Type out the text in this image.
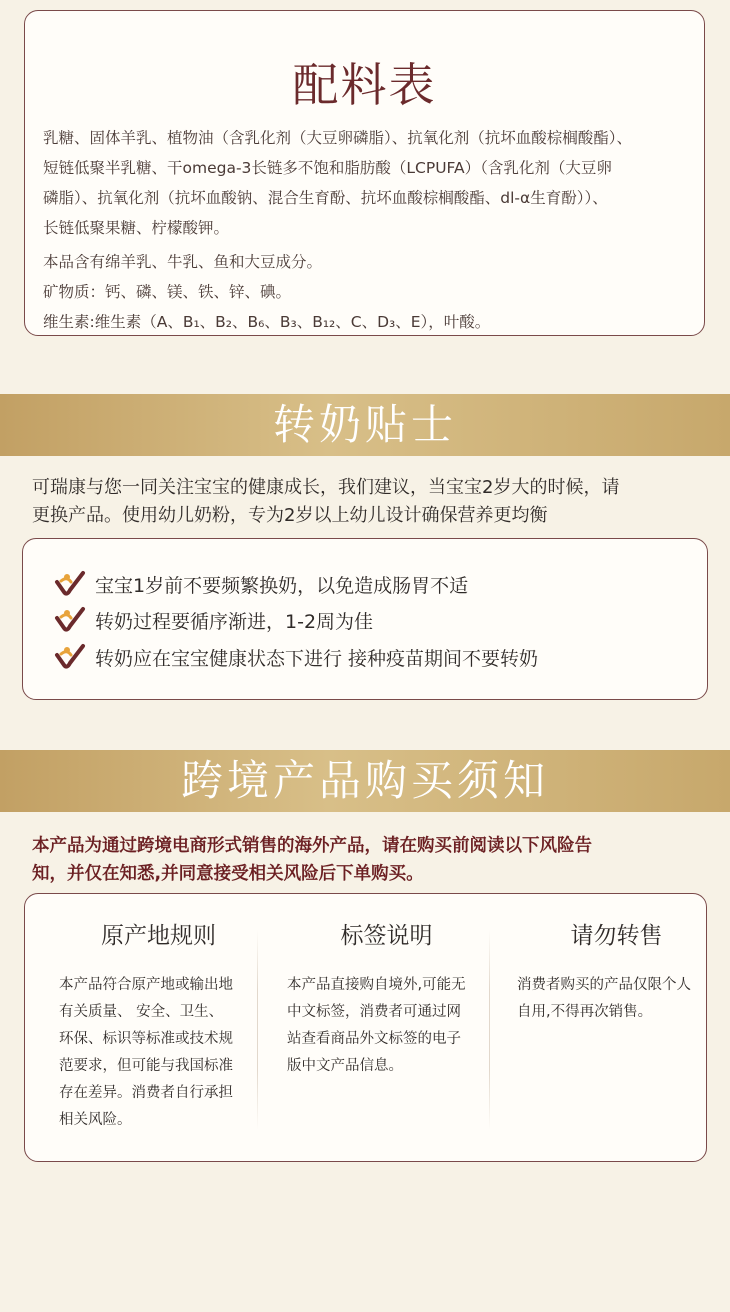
配料表

乳糖、固体羊乳、植物油（含乳化剂（大豆卵磷脂）、抗氧化剂（抗坏血酸棕榈酸酯）、

短链低聚半乳糖、干omega-3长链多不饱和脂肪酸（LCPUFA）（含乳化剂（大豆卵

磷脂）、抗氧化剂（抗坏血酸钠、混合生育酚、抗坏血酸棕榈酸酯、dl-α生育酚））、

长链低聚果糖、柠檬酸钾。

本品含有绵羊乳、牛乳、鱼和大豆成分。

矿物质：钙、磷、镁、铁、锌、碘。

维生素:维生素（A、B₁、B₂、B₆、B₃、B₁₂、C、D₃、E），叶酸。

转奶贴士
可瑞康与您一同关注宝宝的健康成长，我们建议，当宝宝2岁大的时候，请
更换产品。使用幼儿奶粉，专为2岁以上幼儿设计确保营养更均衡
宝宝1岁前不要频繁换奶，以免造成肠胃不适
转奶过程要循序渐进，1-2周为佳
转奶应在宝宝健康状态下进行 接种疫苗期间不要转奶
跨境产品购买须知
本产品为通过跨境电商形式销售的海外产品，请在购买前阅读以下风险告
知，并仅在知悉,并同意接受相关风险后下单购买。
原产地规则
本产品符合原产地或输出地有关质量、 安全、卫生、环保、标识等标准或技术规范要求，但可能与我国标准存在差异。消费者自行承担相关风险。
标签说明
本产品直接购自境外,可能无中文标签，消费者可通过网站查看商品外文标签的电子版中文产品信息。
请勿转售
消费者购买的产品仅限个人自用,不得再次销售。
